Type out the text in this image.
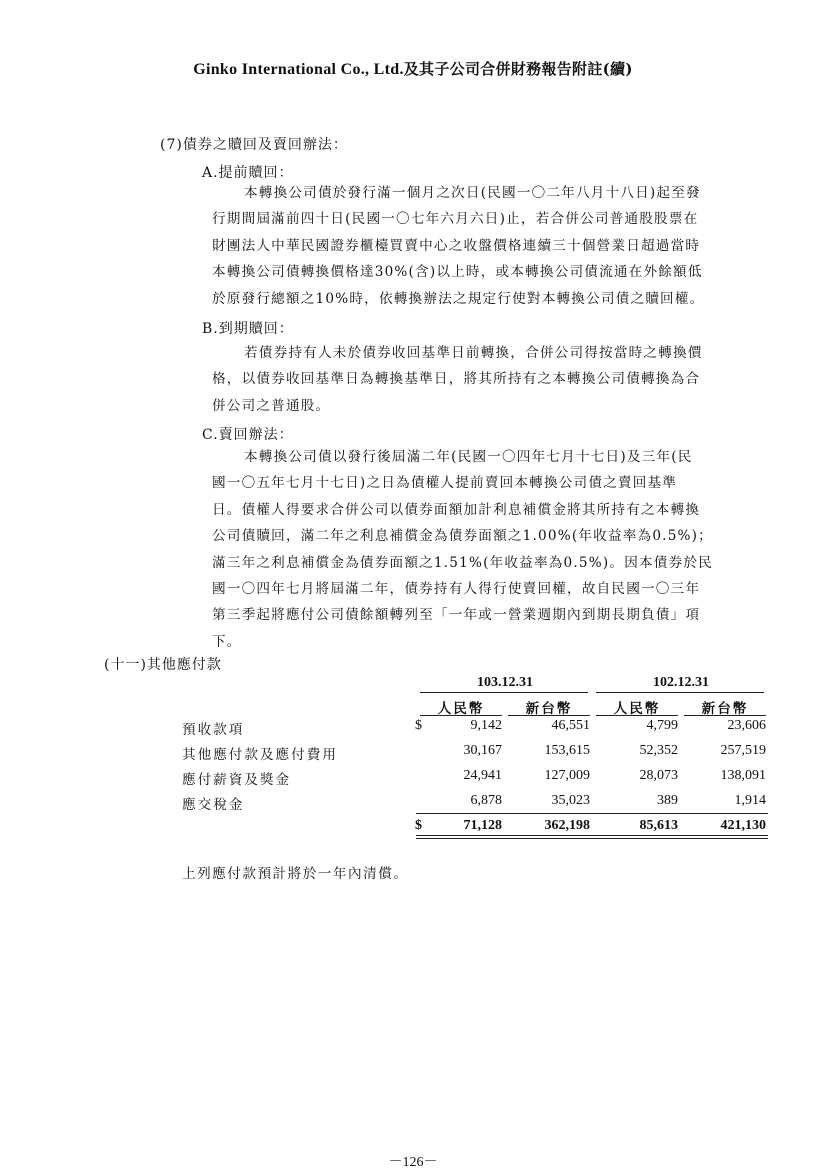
Ginko International Co., Ltd.及其子公司合併財務報告附註(續)
(7)債券之贖回及賣回辦法：
A.提前贖回：
本轉換公司債於發行滿一個月之次日(民國一〇二年八月十八日)起至發
行期間屆滿前四十日(民國一〇七年六月六日)止，若合併公司普通股股票在
財團法人中華民國證券櫃檯買賣中心之收盤價格連續三十個營業日超過當時
本轉換公司債轉換價格達30%(含)以上時，或本轉換公司債流通在外餘額低
於原發行總額之10%時，依轉換辦法之規定行使對本轉換公司債之贖回權。
B.到期贖回：
若債券持有人未於債券收回基準日前轉換，合併公司得按當時之轉換價
格，以債券收回基準日為轉換基準日，將其所持有之本轉換公司債轉換為合
併公司之普通股。
C.賣回辦法：
本轉換公司債以發行後屆滿二年(民國一〇四年七月十七日)及三年(民
國一〇五年七月十七日)之日為債權人提前賣回本轉換公司債之賣回基準
日。債權人得要求合併公司以債券面額加計利息補償金將其所持有之本轉換
公司債贖回，滿二年之利息補償金為債券面額之1.00%(年收益率為0.5%)；
滿三年之利息補償金為債券面額之1.51%(年收益率為0.5%)。因本債券於民
國一〇四年七月將屆滿二年，債券持有人得行使賣回權，故自民國一〇三年
第三季起將應付公司債餘額轉列至「一年或一營業週期內到期長期負債」項
下。
(十一)其他應付款
103.12.31	102.12.31
人民幣	新台幣	人民幣	新台幣
預收款項	9,142	46,551	4,799	23,606
其他應付款及應付費用	30,167	153,615	52,352	257,519
應付薪資及獎金	24,941	127,009	28,073	138,091
應交稅金	6,878	35,023	389	1,914
$
$	71,128	362,198	85,613	421,130
上列應付款預計將於一年內清償。
－126－
